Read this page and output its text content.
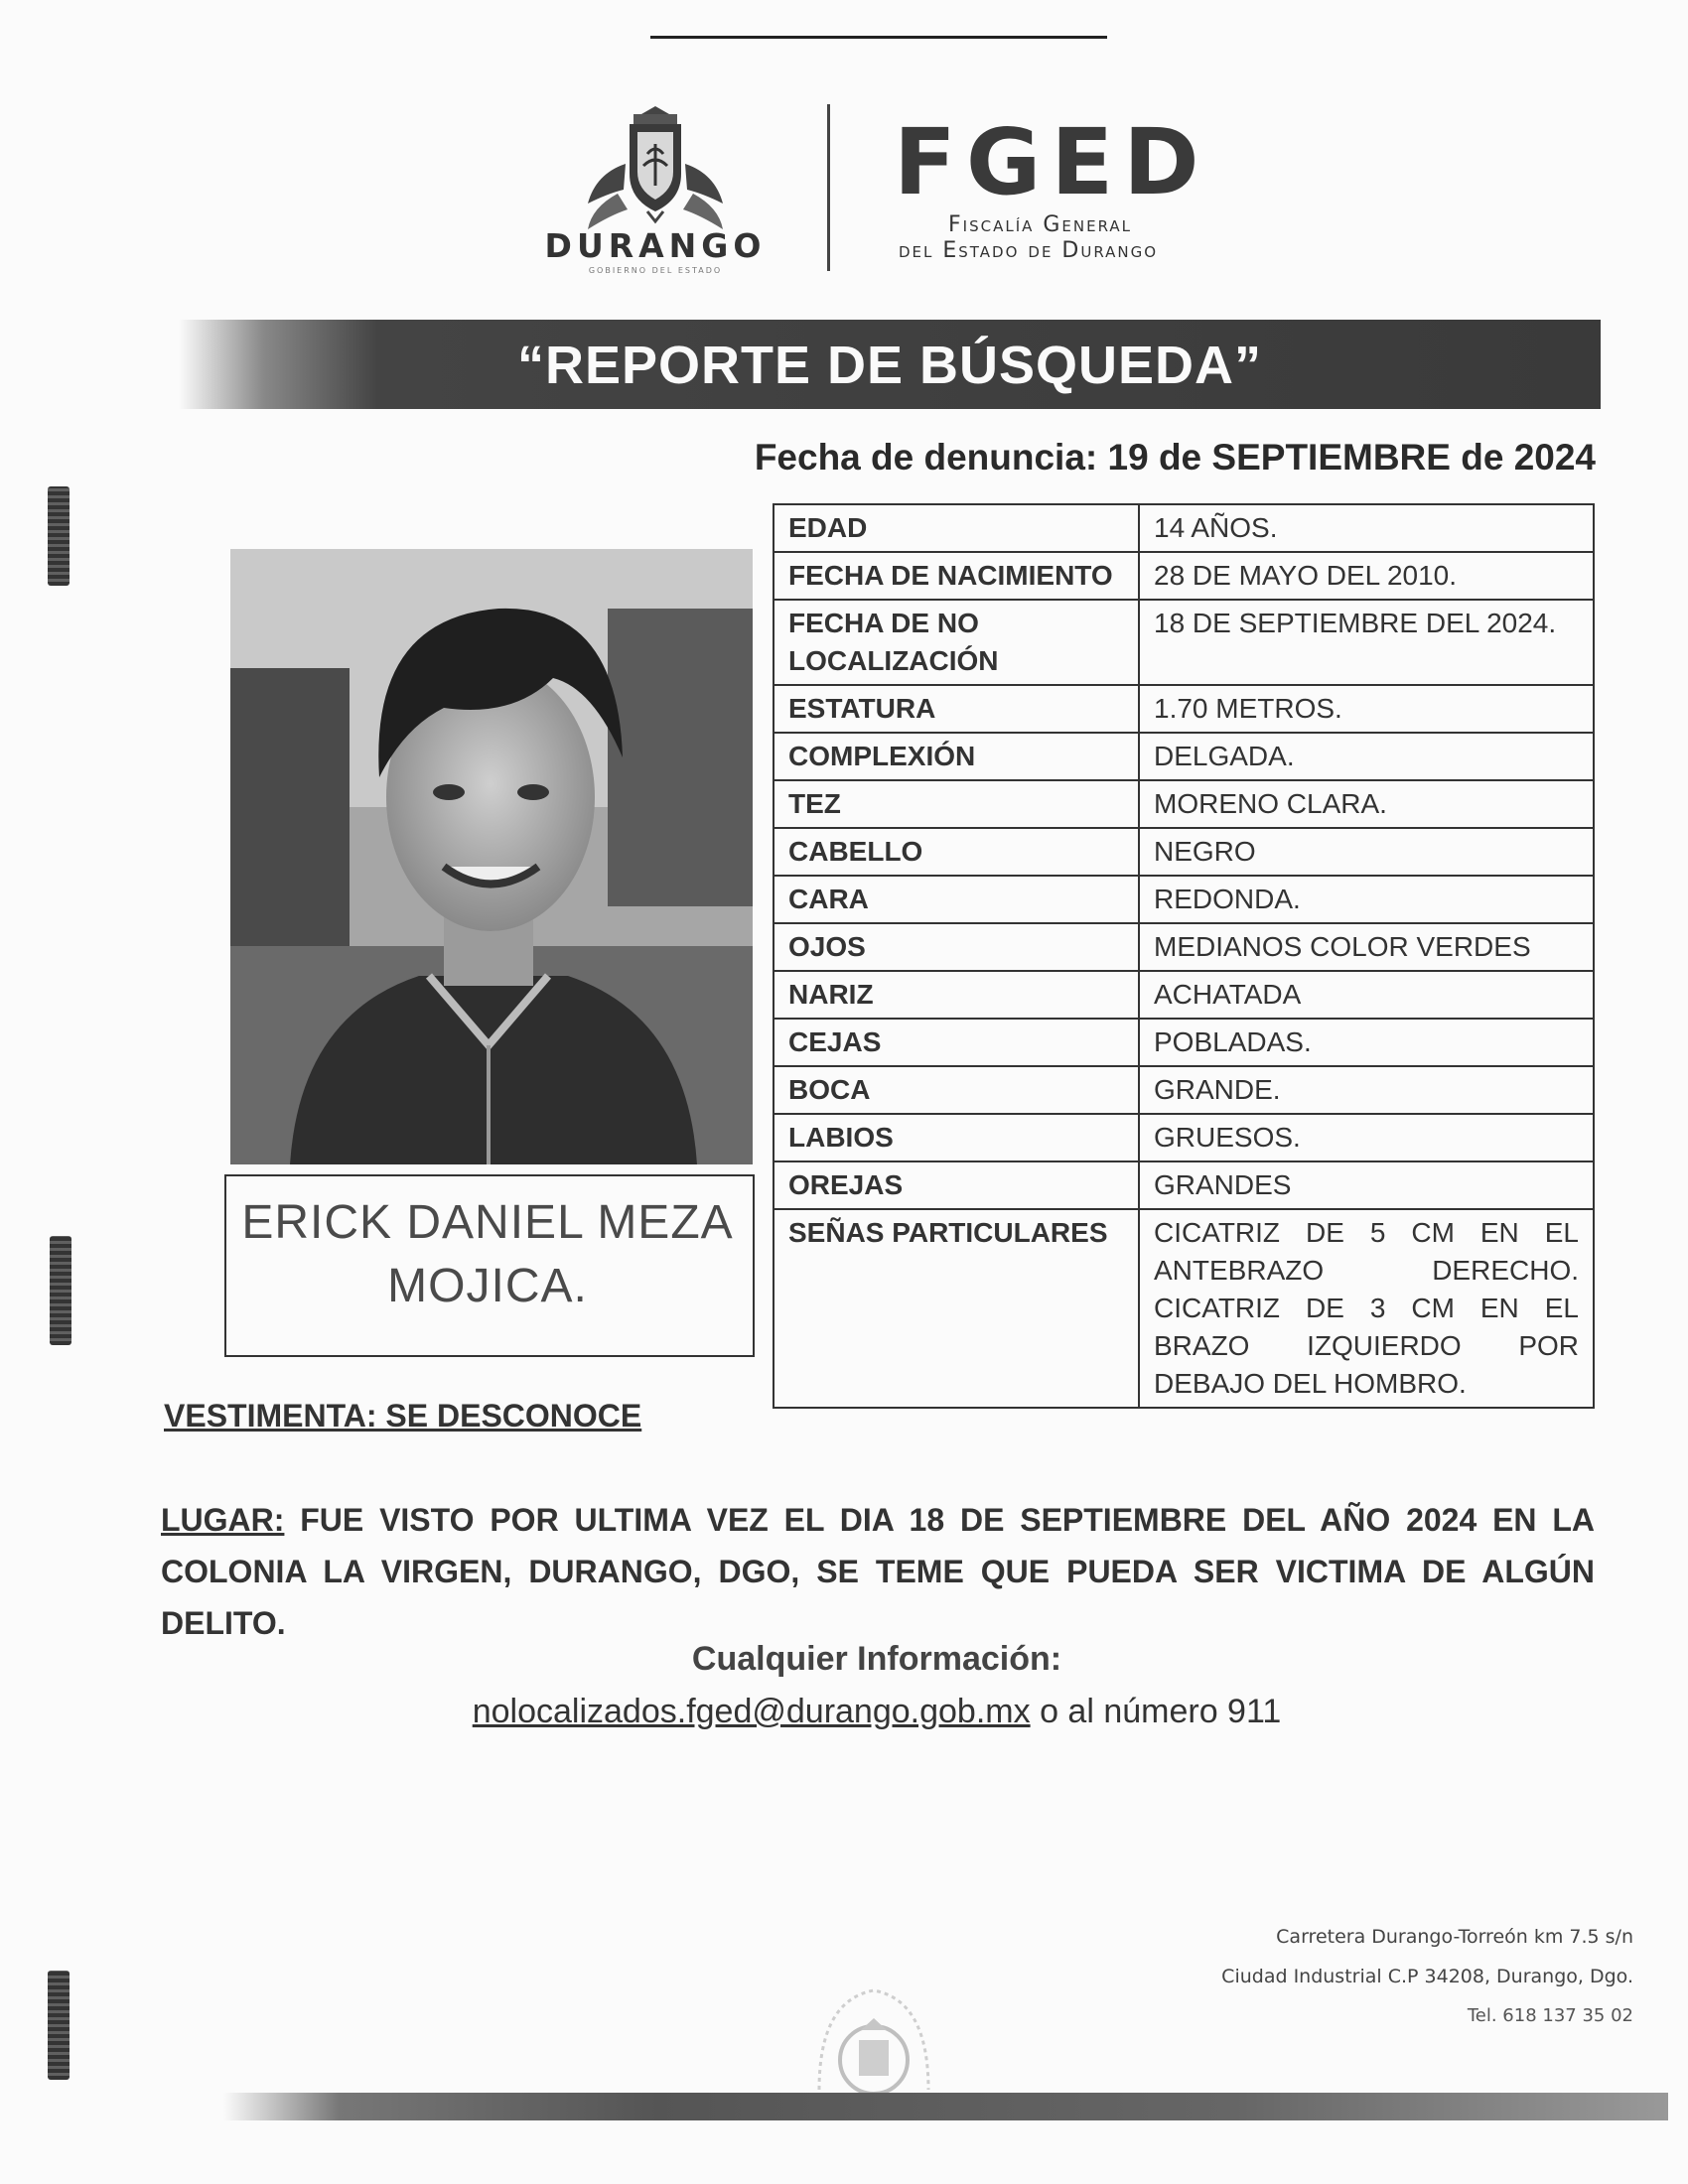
DURANGO
GOBIERNO DEL ESTADO
FGED
Fiscalía General
del Estado de Durango
“REPORTE DE BÚSQUEDA”
Fecha de denuncia: 19 de SEPTIEMBRE de 2024
ERICK DANIEL MEZA MOJICA.
EDAD	14 AÑOS.
FECHA DE NACIMIENTO	28 DE MAYO DEL 2010.
FECHA DE NO LOCALIZACIÓN	18 DE SEPTIEMBRE DEL 2024.
ESTATURA	1.70 METROS.
COMPLEXIÓN	DELGADA.
TEZ	MORENO CLARA.
CABELLO	NEGRO
CARA	REDONDA.
OJOS	MEDIANOS COLOR VERDES
NARIZ	ACHATADA
CEJAS	POBLADAS.
BOCA	GRANDE.
LABIOS	GRUESOS.
OREJAS	GRANDES
SEÑAS PARTICULARES	CICATRIZ DE 5 CM EN EL ANTEBRAZO DERECHO. CICATRIZ DE 3 CM EN EL BRAZO IZQUIERDO POR DEBAJO DEL HOMBRO.
VESTIMENTA: SE DESCONOCE
LUGAR: FUE VISTO POR ULTIMA VEZ EL DIA 18 DE SEPTIEMBRE DEL AÑO 2024 EN LA COLONIA LA VIRGEN, DURANGO, DGO, SE TEME QUE PUEDA SER VICTIMA DE ALGÚN DELITO.
Cualquier Información:
nolocalizados.fged@durango.gob.mx o al número 911
Carretera Durango-Torreón km 7.5 s/n
Ciudad Industrial C.P 34208, Durango, Dgo.
Tel. 618 137 35 02
